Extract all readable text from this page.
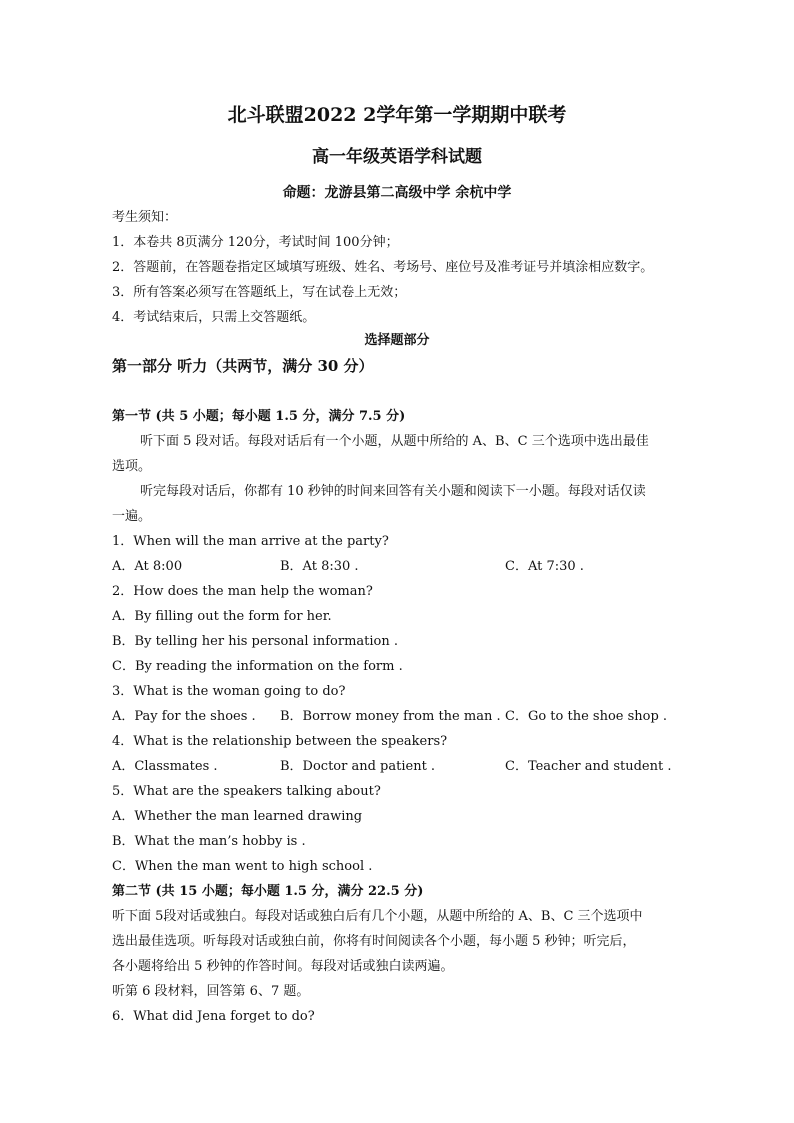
北斗联盟2022 2学年第一学期期中联考
高一年级英语学科试题
命题：龙游县第二高级中学 余杭中学
考生须知：
1．本卷共 8页满分 120分，考试时间 100分钟；
2．答题前，在答题卷指定区域填写班级、姓名、考场号、座位号及准考证号并填涂相应数字。
3．所有答案必须写在答题纸上，写在试卷上无效；
4．考试结束后，只需上交答题纸。
选择题部分
第一部分 听力（共两节，满分 30 分）
第一节 (共 5 小题；每小题 1.5 分，满分 7.5 分)
听下面 5 段对话。每段对话后有一个小题，从题中所给的 A、B、C 三个选项中选出最佳
选项。
听完每段对话后，你都有 10 秒钟的时间来回答有关小题和阅读下一小题。每段对话仅读
一遍。
1．When will the man arrive at the party?
A．At 8:00	B．At 8:30 .	C．At 7:30 .
2．How does the man help the woman?
A．By filling out the form for her.
B．By telling her his personal information .
C．By reading the information on the form .
3．What is the woman going to do?
A．Pay for the shoes . B．Borrow money from the man . C．Go to the shoe shop .
4．What is the relationship between the speakers?
A．Classmates .	B．Doctor and patient .	C．Teacher and student .
5．What are the speakers talking about?
A．Whether the man learned drawing
B．What the man’s hobby is .
C．When the man went to high school .
第二节 (共 15 小题；每小题 1.5 分，满分 22.5 分)
听下面 5段对话或独白。每段对话或独白后有几个小题，从题中所给的 A、B、C 三个选项中
选出最佳选项。听每段对话或独白前，你将有时间阅读各个小题，每小题 5 秒钟；听完后，
各小题将给出 5 秒钟的作答时间。每段对话或独白读两遍。
听第 6 段材料，回答第 6、7 题。
6．What did Jena forget to do?
